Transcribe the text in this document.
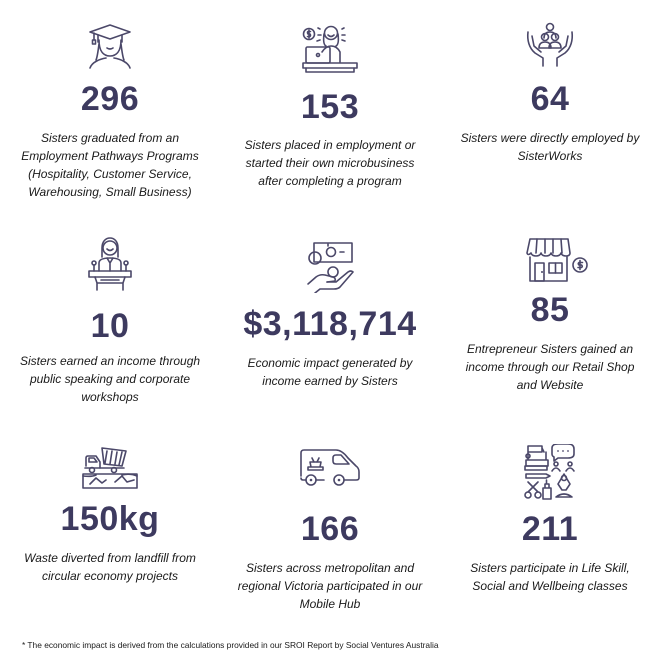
296
Sisters graduated from an Employment Pathways Programs (Hospitality, Customer Service, Warehousing, Small Business)
153
Sisters placed in employment or started their own microbusiness after completing a program
64
Sisters were directly employed by SisterWorks
10
Sisters earned an income through public speaking and corporate workshops
$3,118,714
Economic impact generated by income earned by Sisters
85
Entrepreneur Sisters gained an income through our Retail Shop and Website
150kg
Waste diverted from landfill from circular economy projects
166
Sisters across metropolitan and regional Victoria participated in our Mobile Hub
211
Sisters participate in Life Skill, Social and Wellbeing classes
* The economic impact is derived from the calculations provided in our SROI Report by Social Ventures Australia
